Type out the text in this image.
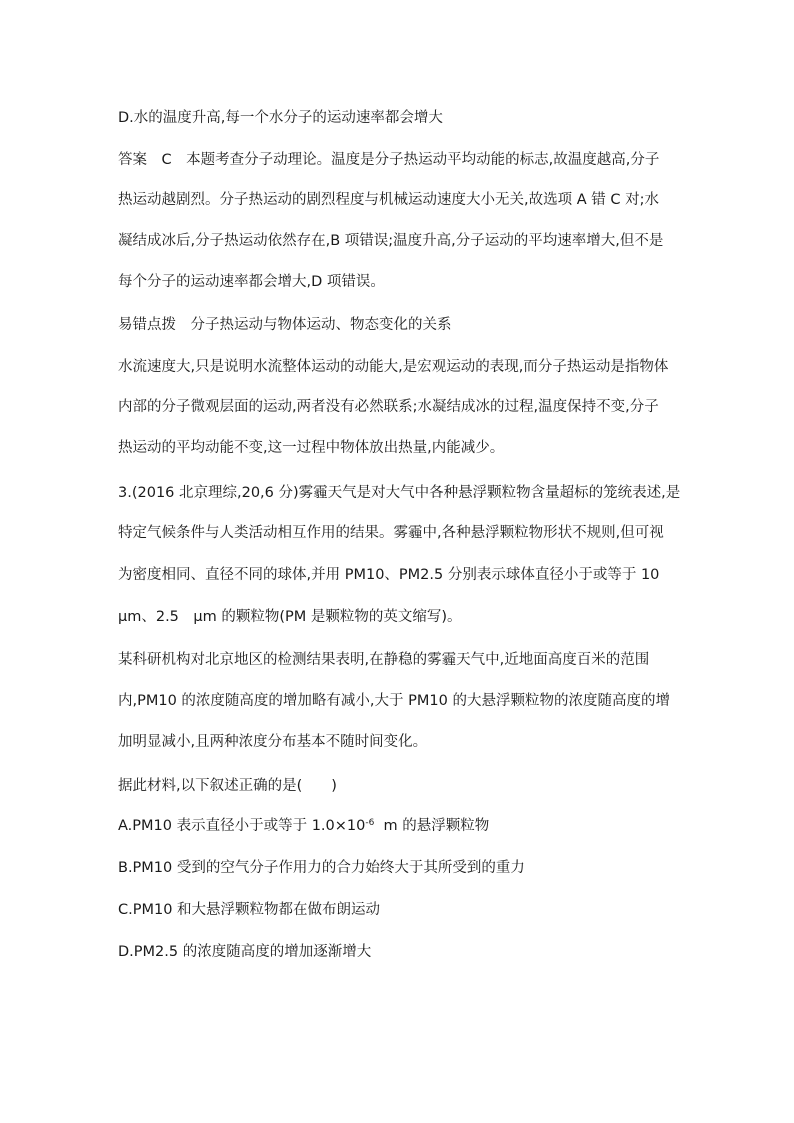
D.水的温度升高,每一个水分子的运动速率都会增大
答案　C　本题考查分子动理论。温度是分子热运动平均动能的标志,故温度越高,分子
热运动越剧烈。分子热运动的剧烈程度与机械运动速度大小无关,故选项 A 错 C 对;水
凝结成冰后,分子热运动依然存在,B 项错误;温度升高,分子运动的平均速率增大,但不是
每个分子的运动速率都会增大,D 项错误。
易错点拨　分子热运动与物体运动、物态变化的关系
水流速度大,只是说明水流整体运动的动能大,是宏观运动的表现,而分子热运动是指物体
内部的分子微观层面的运动,两者没有必然联系;水凝结成冰的过程,温度保持不变,分子
热运动的平均动能不变,这一过程中物体放出热量,内能减少。
3.(2016 北京理综,20,6 分)雾霾天气是对大气中各种悬浮颗粒物含量超标的笼统表述,是
特定气候条件与人类活动相互作用的结果。雾霾中,各种悬浮颗粒物形状不规则,但可视
为密度相同、直径不同的球体,并用 PM10、PM2.5 分别表示球体直径小于或等于 10
μm、2.5　μm 的颗粒物(PM 是颗粒物的英文缩写)。
某科研机构对北京地区的检测结果表明,在静稳的雾霾天气中,近地面高度百米的范围
内,PM10 的浓度随高度的增加略有减小,大于 PM10 的大悬浮颗粒物的浓度随高度的增
加明显减小,且两种浓度分布基本不随时间变化。
据此材料,以下叙述正确的是(　　)
A.PM10 表示直径小于或等于 $1.0\times 10^{-6}$  m 的悬浮颗粒物
B.PM10 受到的空气分子作用力的合力始终大于其所受到的重力
C.PM10 和大悬浮颗粒物都在做布朗运动
D.PM2.5 的浓度随高度的增加逐渐增大
